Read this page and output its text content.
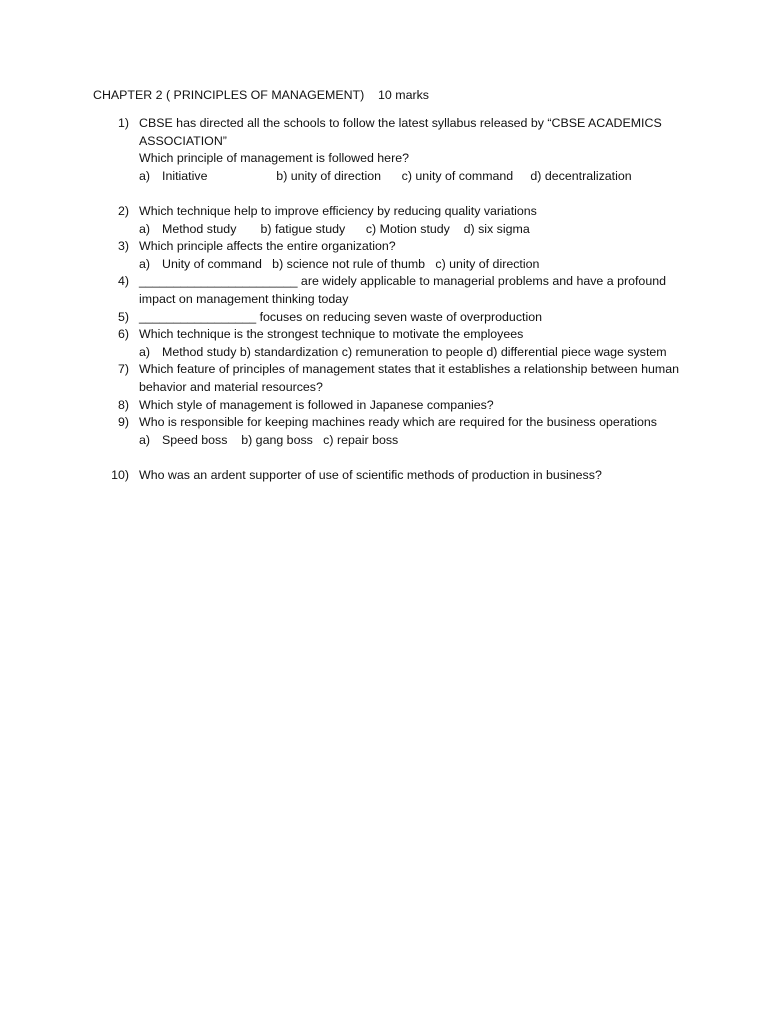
CHAPTER 2 ( PRINCIPLES OF MANAGEMENT)    10 marks
1) CBSE has directed all the schools to follow the latest syllabus released by “CBSE ACADEMICS ASSOCIATION”
Which principle of management is followed here?
a) Initiative                    b) unity of direction      c) unity of command     d) decentralization
2) Which technique help to improve efficiency by reducing quality variations
a) Method study       b) fatigue study      c) Motion study    d) six sigma
3) Which principle affects the entire organization?
a) Unity of command   b) science not rule of thumb   c) unity of direction
4) _______________________ are widely applicable to managerial problems and have a profound impact on management thinking today
5) _________________ focuses on reducing seven waste of overproduction
6) Which technique is the strongest technique to motivate the employees
a) Method study b) standardization c) remuneration to people d) differential piece wage system
7) Which feature of principles of management states that it establishes a relationship between human behavior and material resources?
8) Which style of management is followed in Japanese companies?
9) Who is responsible for keeping machines ready which are required for the business operations
a) Speed boss    b) gang boss   c) repair boss
10) Who was an ardent supporter of use of scientific methods of production in business?
